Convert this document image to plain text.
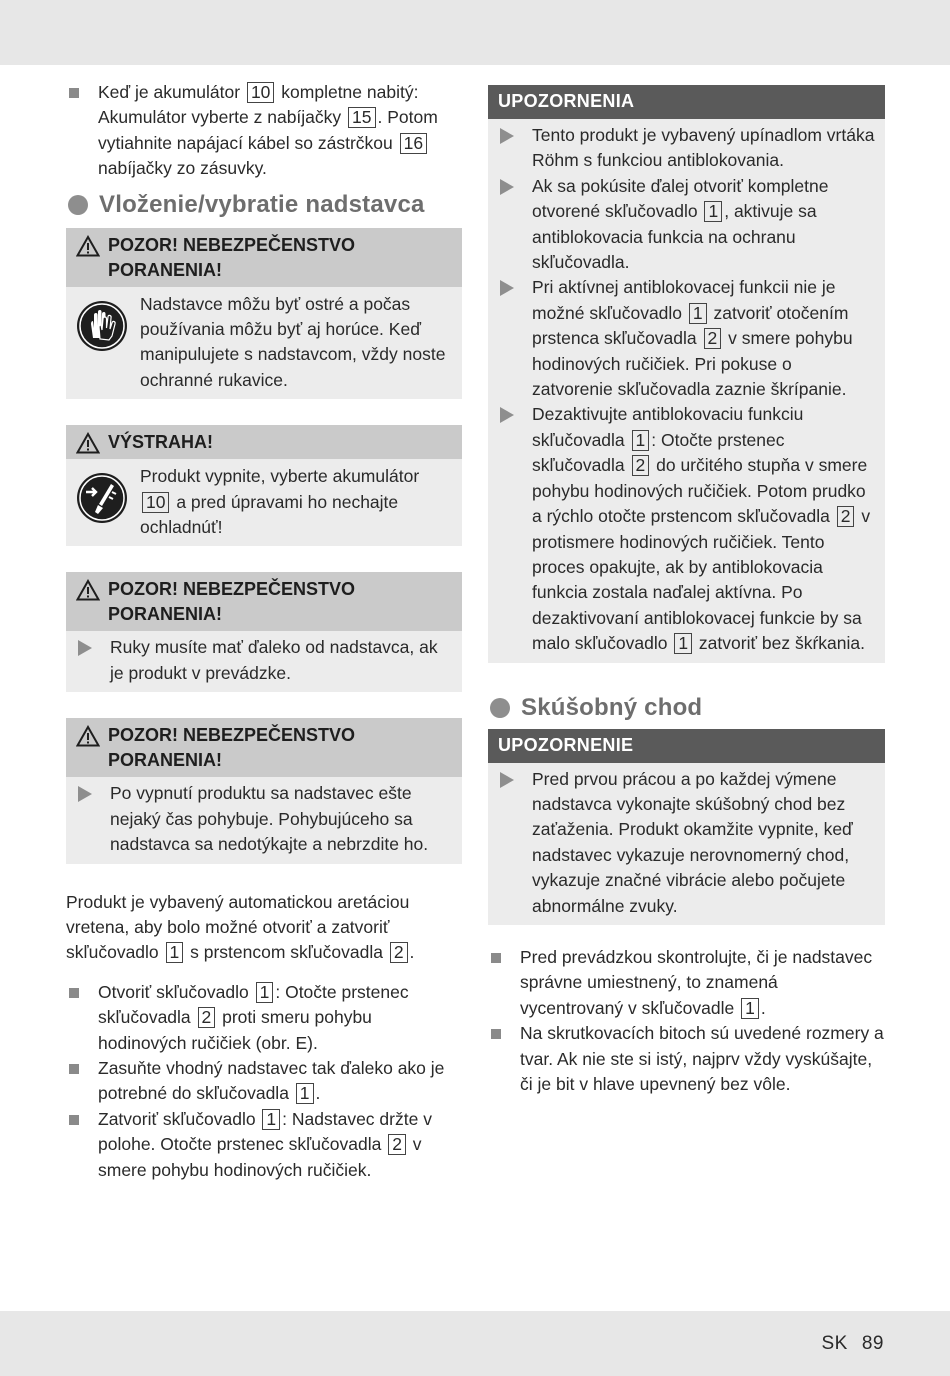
Keď je akumulátor 10 kompletne nabitý: Akumulátor vyberte z nabíjačky 15 . Potom vytiahnite napájací kábel so zástrčkou 16 nabíjačky zo zásuvky.
Vloženie/vybratie nadstavca
POZOR! NEBEZPEČENSTVO PORANENIA!
Nadstavce môžu byť ostré a počas používania môžu byť aj horúce. Keď manipulujete s nadstavcom, vždy noste ochranné rukavice.
VÝSTRAHA!
Produkt vypnite, vyberte akumulátor 10 a pred úpravami ho nechajte ochladnúť!
POZOR! NEBEZPEČENSTVO PORANENIA!
Ruky musíte mať ďaleko od nadstavca, ak je produkt v prevádzke.
POZOR! NEBEZPEČENSTVO PORANENIA!
Po vypnutí produktu sa nadstavec ešte nejaký čas pohybuje. Pohybujúceho sa nadstavca sa nedotýkajte a nebrzdite ho.

Produkt je vybavený automatickou aretáciou vretena, aby bolo možné otvoriť a zatvoriť skľučovadlo 1 s prstencom skľučovadla 2 .

Otvoriť skľučovadlo 1 : Otočte prstenec skľučovadla 2 proti smeru pohybu hodinových ručičiek (obr. E).
Zasuňte vhodný nadstavec tak ďaleko ako je potrebné do skľučovadla 1 .
Zatvoriť skľučovadlo 1 : Nadstavec držte v polohe. Otočte prstenec skľučovadla 2 v smere pohybu hodinových ručičiek.
UPOZORNENIA
Tento produkt je vybavený upínadlom vrtáka Röhm s funkciou antiblokovania.
Ak sa pokúsite ďalej otvoriť kompletne otvorené skľučovadlo 1 , aktivuje sa antiblokovacia funkcia na ochranu skľučovadla.
Pri aktívnej antiblokovacej funkcii nie je možné skľučovadlo 1 zatvoriť otočením prstenca skľučovadla 2 v smere pohybu hodinových ručičiek. Pri pokuse o zatvorenie skľučovadla zaznie škrípanie.
Dezaktivujte antiblokovaciu funkciu skľučovadla 1 : Otočte prstenec skľučovadla 2 do určitého stupňa v smere pohybu hodinových ručičiek. Potom prudko a rýchlo otočte prstencom skľučovadla 2 v protismere hodinových ručičiek. Tento proces opakujte, ak by antiblokovacia funkcia zostala naďalej aktívna. Po dezaktivovaní antiblokovacej funkcie by sa malo skľučovadlo 1 zatvoriť bez škŕkania.
Skúšobný chod
UPOZORNENIE
Pred prvou prácou a po každej výmene nadstavca vykonajte skúšobný chod bez zaťaženia. Produkt okamžite vypnite, keď nadstavec vykazuje nerovnomerný chod, vykazuje značné vibrácie alebo počujete abnormálne zvuky.
Pred prevádzkou skontrolujte, či je nadstavec správne umiestnený, to znamená vycentrovaný v skľučovadle 1 .
Na skrutkovacích bitoch sú uvedené rozmery a tvar. Ak nie ste si istý, najprv vždy vyskúšajte, či je bit v hlave upevnený bez vôle.
SK 89
